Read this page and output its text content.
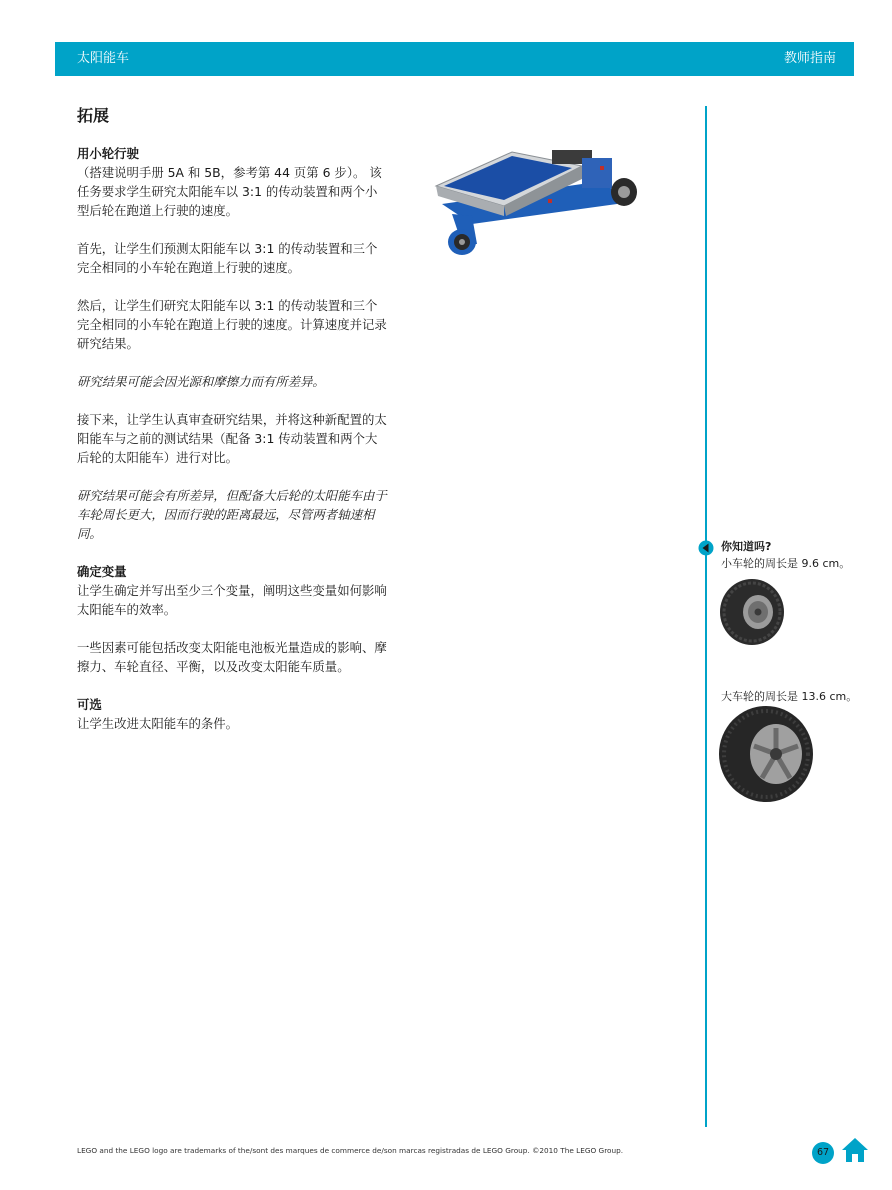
太阳能车	教师指南
拓展

用小轮行驶
（搭建说明手册 5A 和 5B，参考第 44 页第 6 步）。 该任务要求学生研究太阳能车以 3:1 的传动装置和两个小型后轮在跑道上行驶的速度。

首先，让学生们预测太阳能车以 3:1 的传动装置和三个完全相同的小车轮在跑道上行驶的速度。

然后，让学生们研究太阳能车以 3:1 的传动装置和三个完全相同的小车轮在跑道上行驶的速度。计算速度并记录研究结果。

研究结果可能会因光源和摩擦力而有所差异。

接下来，让学生认真审查研究结果，并将这种新配置的太阳能车与之前的测试结果（配备 3:1 传动装置和两个大后轮的太阳能车）进行对比。

研究结果可能会有所差异，但配备大后轮的太阳能车由于车轮周长更大，因而行驶的距离最远，尽管两者轴速相同。

确定变量
让学生确定并写出至少三个变量，阐明这些变量如何影响太阳能车的效率。

一些因素可能包括改变太阳能电池板光量造成的影响、摩擦力、车轮直径、平衡，以及改变太阳能车质量。

可选
让学生改进太阳能车的条件。

你知道吗?
小车轮的周长是 9.6 cm。
大车轮的周长是 13.6 cm。
LEGO and the LEGO logo are trademarks of the/sont des marques de commerce de/son marcas registradas de LEGO Group. ©2010 The LEGO Group.	67
